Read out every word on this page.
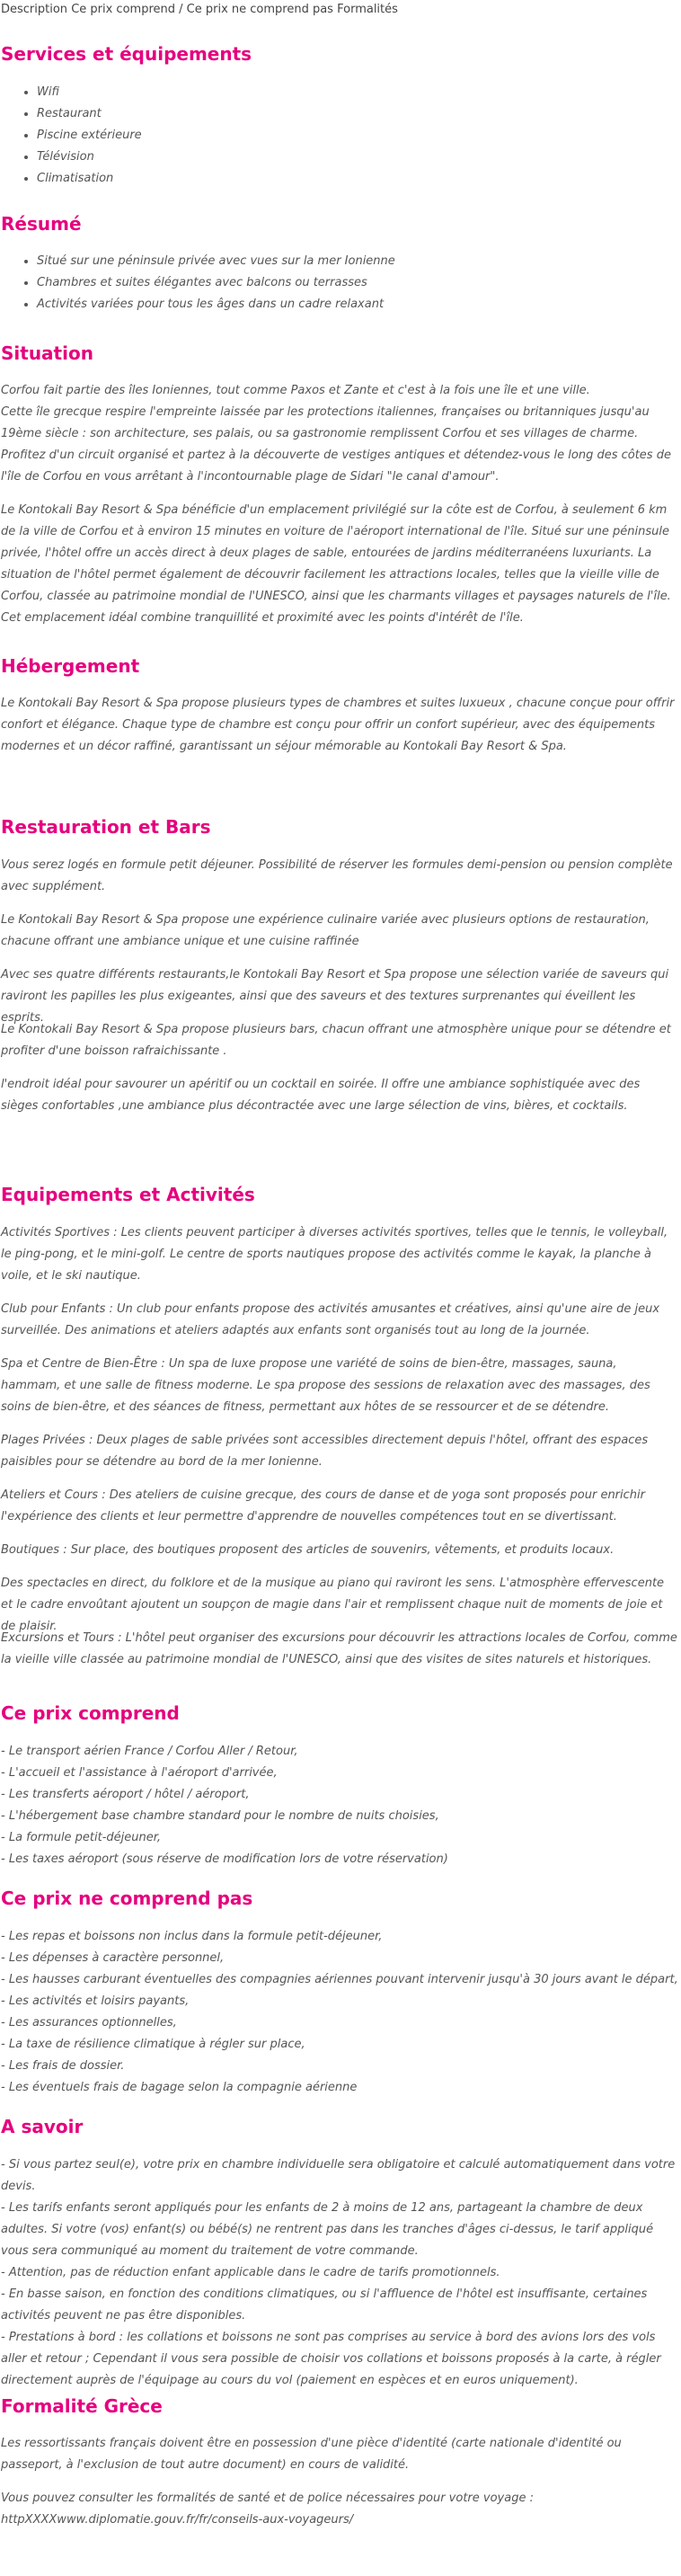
Description Ce prix comprend / Ce prix ne comprend pas Formalités
Services et équipements
• Wifi
• Restaurant
• Piscine extérieure
• Télévision
• Climatisation
Résumé
• Situé sur une péninsule privée avec vues sur la mer Ionienne
• Chambres et suites élégantes avec balcons ou terrasses
• Activités variées pour tous les âges dans un cadre relaxant
Situation

Corfou fait partie des îles Ioniennes, tout comme Paxos et Zante et c'est à la fois une île et une ville.

Cette île grecque respire l'empreinte laissée par les protections italiennes, françaises ou britanniques jusqu'au 19ème siècle : son architecture, ses palais, ou sa gastronomie remplissent Corfou et ses villages de charme. Profitez d'un circuit organisé et partez à la découverte de vestiges antiques et détendez-vous le long des côtes de l'île de Corfou en vous arrêtant à l'incontournable plage de Sidari "le canal d'amour".

Le Kontokali Bay Resort & Spa bénéficie d'un emplacement privilégié sur la côte est de Corfou, à seulement 6 km de la ville de Corfou et à environ 15 minutes en voiture de l'aéroport international de l'île. Situé sur une péninsule privée, l'hôtel offre un accès direct à deux plages de sable, entourées de jardins méditerranéens luxuriants. La situation de l'hôtel permet également de découvrir facilement les attractions locales, telles que la vieille ville de Corfou, classée au patrimoine mondial de l'UNESCO, ainsi que les charmants villages et paysages naturels de l'île. Cet emplacement idéal combine tranquillité et proximité avec les points d'intérêt de l'île.

Hébergement

Le Kontokali Bay Resort & Spa propose plusieurs types de chambres et suites luxueux , chacune conçue pour offrir confort et élégance. Chaque type de chambre est conçu pour offrir un confort supérieur, avec des équipements modernes et un décor raffiné, garantissant un séjour mémorable au Kontokali Bay Resort & Spa.

Restauration et Bars

Vous serez logés en formule petit déjeuner. Possibilité de réserver les formules demi-pension ou pension complète avec supplément.

Le Kontokali Bay Resort & Spa propose une expérience culinaire variée avec plusieurs options de restauration, chacune offrant une ambiance unique et une cuisine raffinée

Avec ses quatre différents restaurants,le Kontokali Bay Resort et Spa propose une sélection variée de saveurs qui raviront les papilles les plus exigeantes, ainsi que des saveurs et des textures surprenantes qui éveillent les esprits.

Le Kontokali Bay Resort & Spa propose plusieurs bars, chacun offrant une atmosphère unique pour se détendre et profiter d'une boisson rafraichissante .

l'endroit idéal pour savourer un apéritif ou un cocktail en soirée. Il offre une ambiance sophistiquée avec des sièges confortables ,une ambiance plus décontractée avec une large sélection de vins, bières, et cocktails.

Equipements et Activités

Activités Sportives : Les clients peuvent participer à diverses activités sportives, telles que le tennis, le volleyball, le ping-pong, et le mini-golf. Le centre de sports nautiques propose des activités comme le kayak, la planche à voile, et le ski nautique.

Club pour Enfants : Un club pour enfants propose des activités amusantes et créatives, ainsi qu'une aire de jeux surveillée. Des animations et ateliers adaptés aux enfants sont organisés tout au long de la journée.

Spa et Centre de Bien-Être : Un spa de luxe propose une variété de soins de bien-être, massages, sauna, hammam, et une salle de fitness moderne. Le spa propose des sessions de relaxation avec des massages, des soins de bien-être, et des séances de fitness, permettant aux hôtes de se ressourcer et de se détendre.

Plages Privées : Deux plages de sable privées sont accessibles directement depuis l'hôtel, offrant des espaces paisibles pour se détendre au bord de la mer Ionienne.

Ateliers et Cours : Des ateliers de cuisine grecque, des cours de danse et de yoga sont proposés pour enrichir l'expérience des clients et leur permettre d'apprendre de nouvelles compétences tout en se divertissant.

Boutiques : Sur place, des boutiques proposent des articles de souvenirs, vêtements, et produits locaux.

Des spectacles en direct, du folklore et de la musique au piano qui raviront les sens. L'atmosphère effervescente et le cadre envoûtant ajoutent un soupçon de magie dans l'air et remplissent chaque nuit de moments de joie et de plaisir.

Excursions et Tours : L'hôtel peut organiser des excursions pour découvrir les attractions locales de Corfou, comme la vieille ville classée au patrimoine mondial de l'UNESCO, ainsi que des visites de sites naturels et historiques.

Ce prix comprend
- Le transport aérien France / Corfou Aller / Retour,
- L'accueil et l'assistance à l'aéroport d'arrivée,
- Les transferts aéroport / hôtel / aéroport,
- L'hébergement base chambre standard pour le nombre de nuits choisies,
- La formule petit-déjeuner,
- Les taxes aéroport (sous réserve de modification lors de votre réservation)
Ce prix ne comprend pas
- Les repas et boissons non inclus dans la formule petit-déjeuner,
- Les dépenses à caractère personnel,
- Les hausses carburant éventuelles des compagnies aériennes pouvant intervenir jusqu'à 30 jours avant le départ,
- Les activités et loisirs payants,
- Les assurances optionnelles,
- La taxe de résilience climatique à régler sur place,
- Les frais de dossier.
- Les éventuels frais de bagage selon la compagnie aérienne
A savoir
- Si vous partez seul(e), votre prix en chambre individuelle sera obligatoire et calculé automatiquement dans votre devis.
- Les tarifs enfants seront appliqués pour les enfants de 2 à moins de 12 ans, partageant la chambre de deux adultes. Si votre (vos) enfant(s) ou bébé(s) ne rentrent pas dans les tranches d'âges ci-dessus, le tarif appliqué vous sera communiqué au moment du traitement de votre commande.
- Attention, pas de réduction enfant applicable dans le cadre de tarifs promotionnels.
- En basse saison, en fonction des conditions climatiques, ou si l'affluence de l'hôtel est insuffisante, certaines activités peuvent ne pas être disponibles.
- Prestations à bord : les collations et boissons ne sont pas comprises au service à bord des avions lors des vols aller et retour ; Cependant il vous sera possible de choisir vos collations et boissons proposés à la carte, à régler directement auprès de l'équipage au cours du vol (paiement en espèces et en euros uniquement).
Formalité Grèce

Les ressortissants français doivent être en possession d'une pièce d'identité (carte nationale d'identité ou passeport, à l'exclusion de tout autre document) en cours de validité.

Vous pouvez consulter les formalités de santé et de police nécessaires pour votre voyage :

httpXXXXwww.diplomatie.gouv.fr/fr/conseils-aux-voyageurs/
